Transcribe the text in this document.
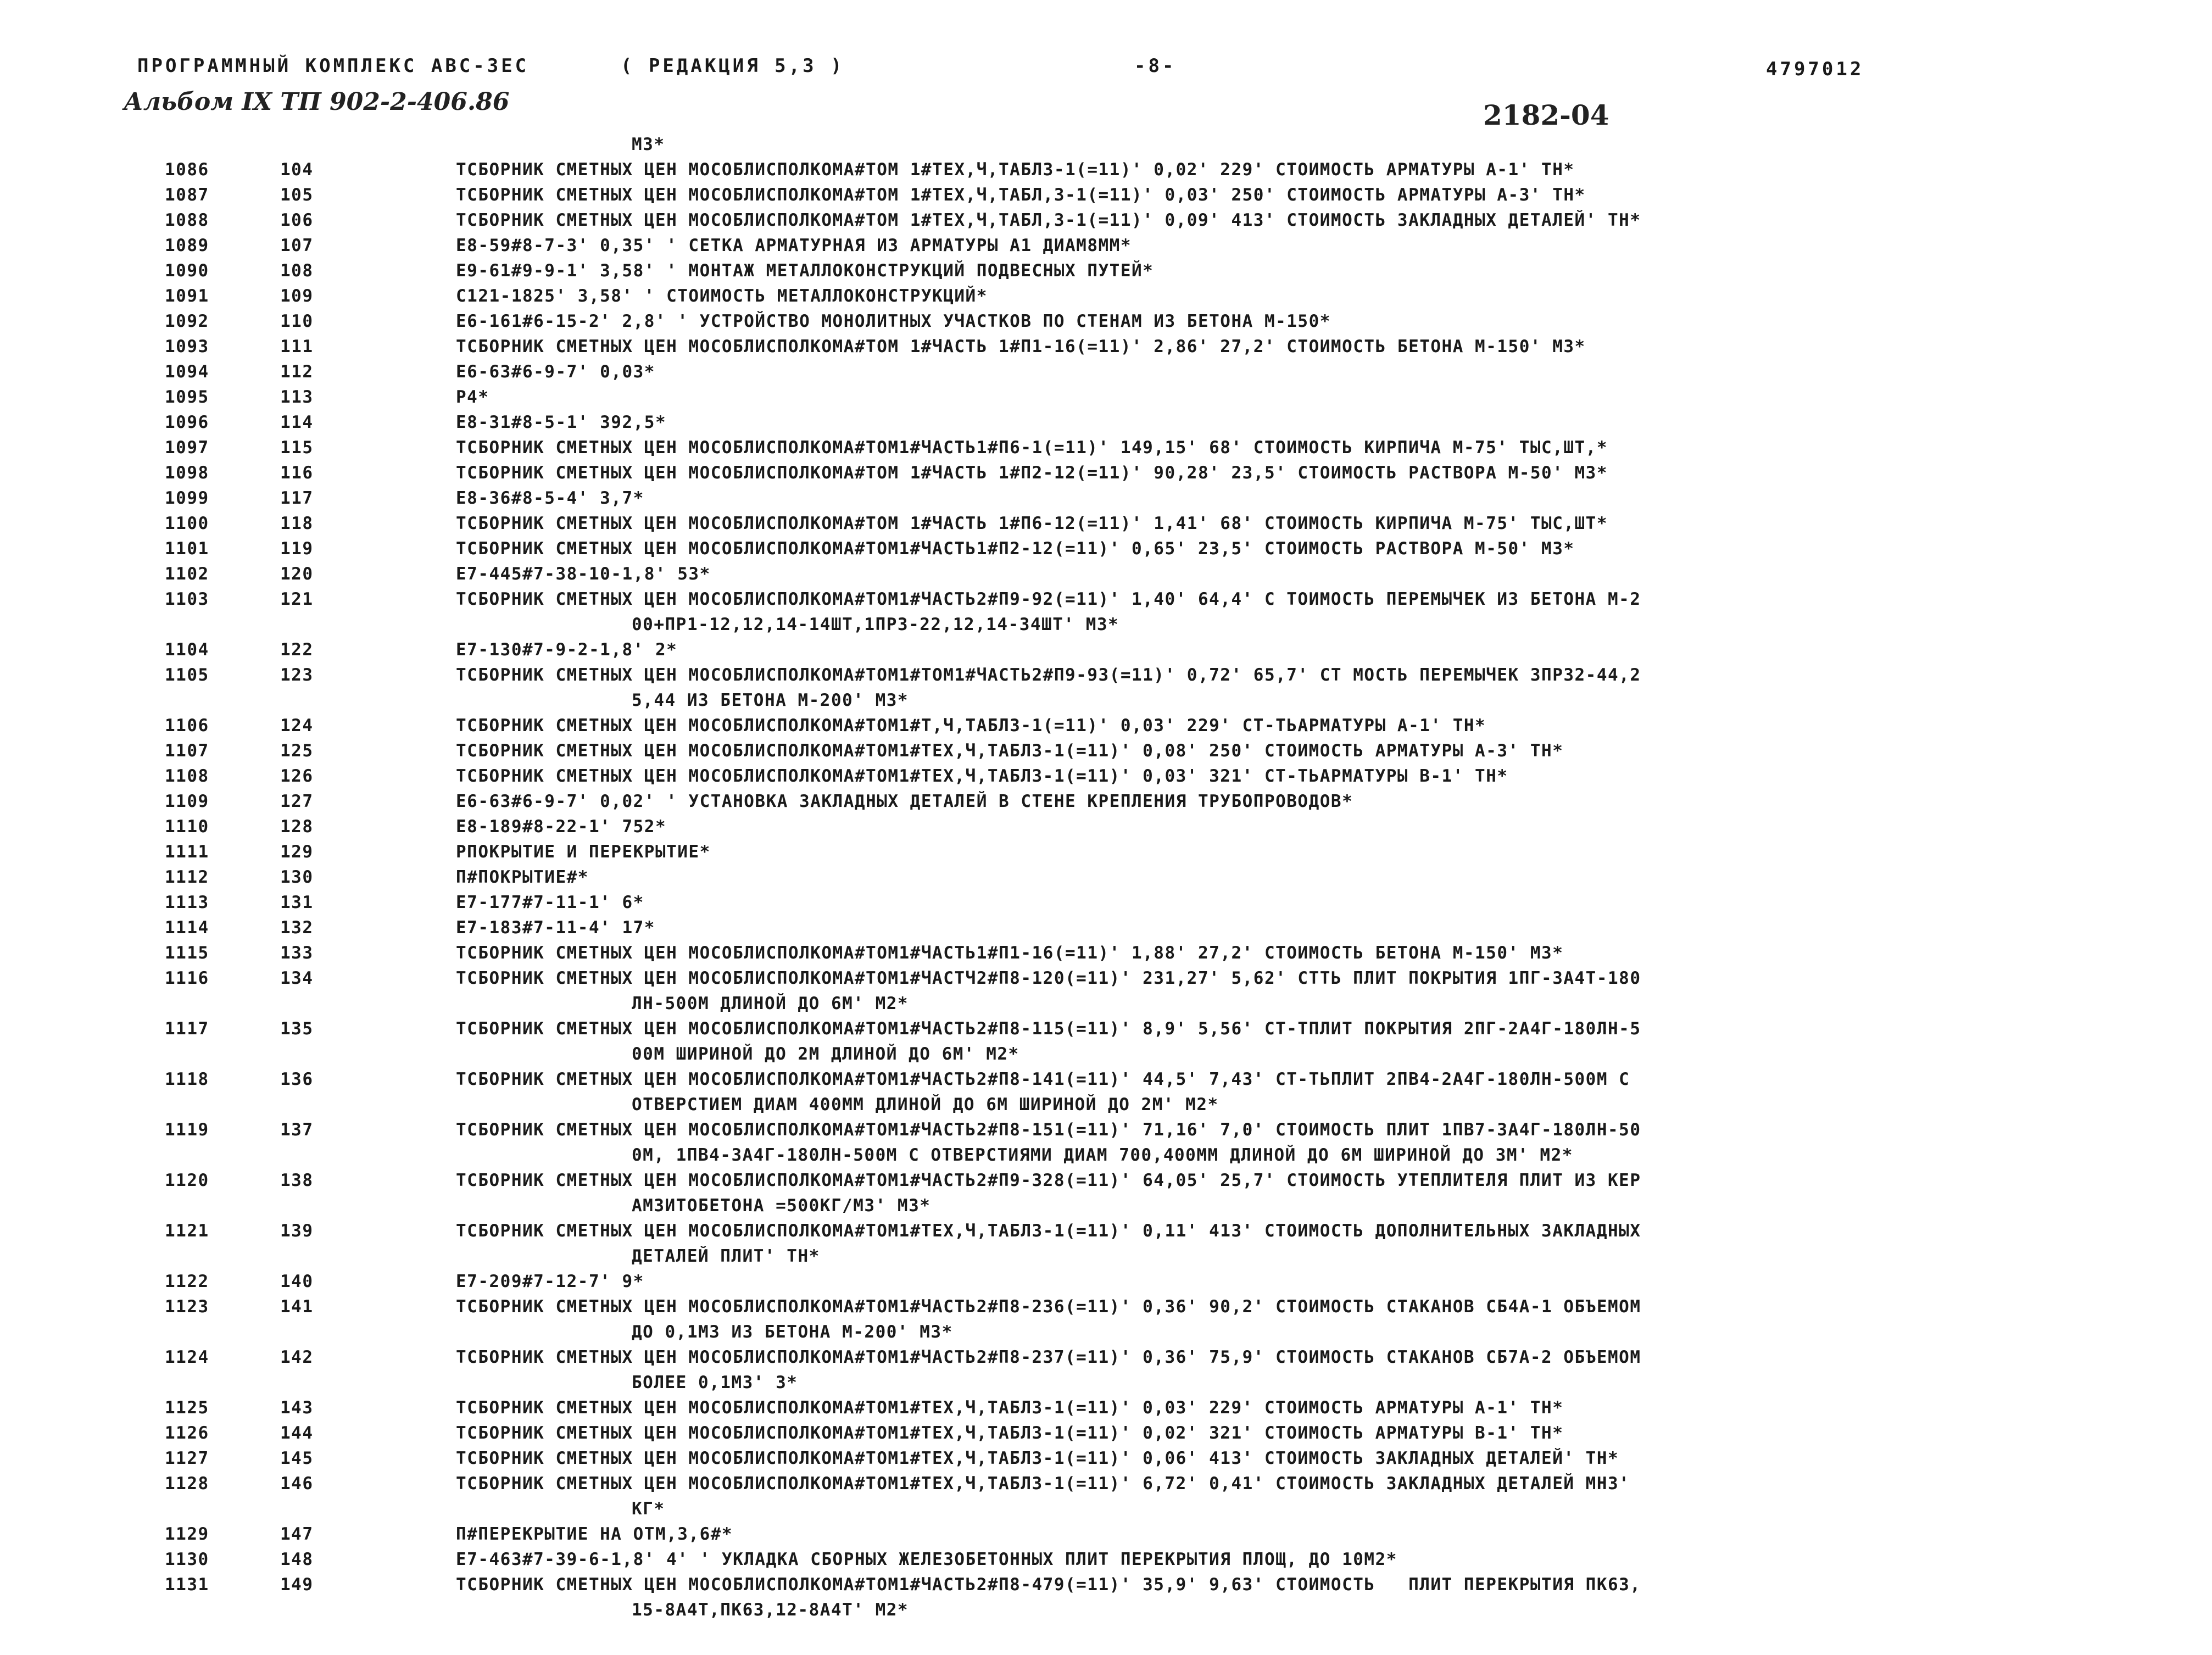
ПРОГРАММНЫЙ КОМПЛЕКС АВС-ЗЕС	( РЕДАКЦИЯ 5,3 )	-8-	4797012
Альбом IX ТП 902-2-406.86	2182-04
М3*
1086	104	ТСБОРНИК СМЕТНЫХ ЦЕН МОСОБЛИСПОЛКОМА#ТОМ 1#ТЕХ,Ч,ТАБЛ3-1(=11)' 0,02' 229' СТОИМОСТЬ АРМАТУРЫ А-1' ТН*
1087	105	ТСБОРНИК СМЕТНЫХ ЦЕН МОСОБЛИСПОЛКОМА#ТОМ 1#ТЕХ,Ч,ТАБЛ,3-1(=11)' 0,03' 250' СТОИМОСТЬ АРМАТУРЫ А-3' ТН*
1088	106	ТСБОРНИК СМЕТНЫХ ЦЕН МОСОБЛИСПОЛКОМА#ТОМ 1#ТЕХ,Ч,ТАБЛ,3-1(=11)' 0,09' 413' СТОИМОСТЬ ЗАКЛАДНЫХ ДЕТАЛЕЙ' ТН*
1089	107	Е8-59#8-7-3' 0,35' ' СЕТКА АРМАТУРНАЯ ИЗ АРМАТУРЫ А1 ДИАМ8ММ*
1090	108	Е9-61#9-9-1' 3,58' ' МОНТАЖ МЕТАЛЛОКОНСТРУКЦИЙ ПОДВЕСНЫХ ПУТЕЙ*
1091	109	С121-1825' 3,58' ' СТОИМОСТЬ МЕТАЛЛОКОНСТРУКЦИЙ*
1092	110	Е6-161#6-15-2' 2,8' ' УСТРОЙСТВО МОНОЛИТНЫХ УЧАСТКОВ ПО СТЕНАМ ИЗ БЕТОНА М-150*
1093	111	ТСБОРНИК СМЕТНЫХ ЦЕН МОСОБЛИСПОЛКОМА#ТОМ 1#ЧАСТЬ 1#П1-16(=11)' 2,86' 27,2' СТОИМОСТЬ БЕТОНА М-150' М3*
1094	112	Е6-63#6-9-7' 0,03*
1095	113	Р4*
1096	114	Е8-31#8-5-1' 392,5*
1097	115	ТСБОРНИК СМЕТНЫХ ЦЕН МОСОБЛИСПОЛКОМА#ТОМ1#ЧАСТЬ1#П6-1(=11)' 149,15' 68' СТОИМОСТЬ КИРПИЧА М-75' ТЫС,ШТ,*
1098	116	ТСБОРНИК СМЕТНЫХ ЦЕН МОСОБЛИСПОЛКОМА#ТОМ 1#ЧАСТЬ 1#П2-12(=11)' 90,28' 23,5' СТОИМОСТЬ РАСТВОРА М-50' М3*
1099	117	Е8-36#8-5-4' 3,7*
1100	118	ТСБОРНИК СМЕТНЫХ ЦЕН МОСОБЛИСПОЛКОМА#ТОМ 1#ЧАСТЬ 1#П6-12(=11)' 1,41' 68' СТОИМОСТЬ КИРПИЧА М-75' ТЫС,ШТ*
1101	119	ТСБОРНИК СМЕТНЫХ ЦЕН МОСОБЛИСПОЛКОМА#ТОМ1#ЧАСТЬ1#П2-12(=11)' 0,65' 23,5' СТОИМОСТЬ РАСТВОРА М-50' М3*
1102	120	Е7-445#7-38-10-1,8' 53*
1103	121	ТСБОРНИК СМЕТНЫХ ЦЕН МОСОБЛИСПОЛКОМА#ТОМ1#ЧАСТЬ2#П9-92(=11)' 1,40' 64,4' С ТОИМОСТЬ ПЕРЕМЫЧЕК ИЗ БЕТОНА М-2
00+ПР1-12,12,14-14ШТ,1ПР3-22,12,14-34ШТ' М3*
1104	122	Е7-130#7-9-2-1,8' 2*
1105	123	ТСБОРНИК СМЕТНЫХ ЦЕН МОСОБЛИСПОЛКОМА#ТОМ1#ТОМ1#ЧАСТЬ2#П9-93(=11)' 0,72' 65,7' СТ МОСТЬ ПЕРЕМЫЧЕК 3ПР32-44,2
5,44 ИЗ БЕТОНА М-200' М3*
1106	124	ТСБОРНИК СМЕТНЫХ ЦЕН МОСОБЛИСПОЛКОМА#ТОМ1#Т,Ч,ТАБЛ3-1(=11)' 0,03' 229' СТ-ТЬАРМАТУРЫ А-1' ТН*
1107	125	ТСБОРНИК СМЕТНЫХ ЦЕН МОСОБЛИСПОЛКОМА#ТОМ1#ТЕХ,Ч,ТАБЛ3-1(=11)' 0,08' 250' СТОИМОСТЬ АРМАТУРЫ А-3' ТН*
1108	126	ТСБОРНИК СМЕТНЫХ ЦЕН МОСОБЛИСПОЛКОМА#ТОМ1#ТЕХ,Ч,ТАБЛ3-1(=11)' 0,03' 321' СТ-ТЬАРМАТУРЫ В-1' ТН*
1109	127	Е6-63#6-9-7' 0,02' ' УСТАНОВКА ЗАКЛАДНЫХ ДЕТАЛЕЙ В СТЕНЕ КРЕПЛЕНИЯ ТРУБОПРОВОДОВ*
1110	128	Е8-189#8-22-1' 752*
1111	129	РПОКРЫТИЕ И ПЕРЕКРЫТИЕ*
1112	130	П#ПОКРЫТИЕ#*
1113	131	Е7-177#7-11-1' 6*
1114	132	Е7-183#7-11-4' 17*
1115	133	ТСБОРНИК СМЕТНЫХ ЦЕН МОСОБЛИСПОЛКОМА#ТОМ1#ЧАСТЬ1#П1-16(=11)' 1,88' 27,2' СТОИМОСТЬ БЕТОНА М-150' М3*
1116	134	ТСБОРНИК СМЕТНЫХ ЦЕН МОСОБЛИСПОЛКОМА#ТОМ1#ЧАСТЧ2#П8-120(=11)' 231,27' 5,62' СТТЬ ПЛИТ ПОКРЫТИЯ 1ПГ-3А4Т-180
ЛН-500М ДЛИНОЙ ДО 6М' М2*
1117	135	ТСБОРНИК СМЕТНЫХ ЦЕН МОСОБЛИСПОЛКОМА#ТОМ1#ЧАСТЬ2#П8-115(=11)' 8,9' 5,56' СТ-ТПЛИТ ПОКРЫТИЯ 2ПГ-2А4Г-180ЛН-5
00М ШИРИНОЙ ДО 2М ДЛИНОЙ ДО 6М' М2*
1118	136	ТСБОРНИК СМЕТНЫХ ЦЕН МОСОБЛИСПОЛКОМА#ТОМ1#ЧАСТЬ2#П8-141(=11)' 44,5' 7,43' СТ-ТЬПЛИТ 2ПВ4-2А4Г-180ЛН-500М С
ОТВЕРСТИЕМ ДИАМ 400ММ ДЛИНОЙ ДО 6М ШИРИНОЙ ДО 2М' М2*
1119	137	ТСБОРНИК СМЕТНЫХ ЦЕН МОСОБЛИСПОЛКОМА#ТОМ1#ЧАСТЬ2#П8-151(=11)' 71,16' 7,0' СТОИМОСТЬ ПЛИТ 1ПВ7-3А4Г-180ЛН-50
0М, 1ПВ4-3А4Г-180ЛН-500М С ОТВЕРСТИЯМИ ДИАМ 700,400ММ ДЛИНОЙ ДО 6М ШИРИНОЙ ДО 3М' М2*
1120	138	ТСБОРНИК СМЕТНЫХ ЦЕН МОСОБЛИСПОЛКОМА#ТОМ1#ЧАСТЬ2#П9-328(=11)' 64,05' 25,7' СТОИМОСТЬ УТЕПЛИТЕЛЯ ПЛИТ ИЗ КЕР
АМЗИТОБЕТОНА =500КГ/М3' М3*
1121	139	ТСБОРНИК СМЕТНЫХ ЦЕН МОСОБЛИСПОЛКОМА#ТОМ1#ТЕХ,Ч,ТАБЛ3-1(=11)' 0,11' 413' СТОИМОСТЬ ДОПОЛНИТЕЛЬНЫХ ЗАКЛАДНЫХ
ДЕТАЛЕЙ ПЛИТ' ТН*
1122	140	Е7-209#7-12-7' 9*
1123	141	ТСБОРНИК СМЕТНЫХ ЦЕН МОСОБЛИСПОЛКОМА#ТОМ1#ЧАСТЬ2#П8-236(=11)' 0,36' 90,2' СТОИМОСТЬ СТАКАНОВ СБ4А-1 ОБЪЕМОМ
ДО 0,1М3 ИЗ БЕТОНА М-200' М3*
1124	142	ТСБОРНИК СМЕТНЫХ ЦЕН МОСОБЛИСПОЛКОМА#ТОМ1#ЧАСТЬ2#П8-237(=11)' 0,36' 75,9' СТОИМОСТЬ СТАКАНОВ СБ7А-2 ОБЪЕМОМ
БОЛЕЕ 0,1М3' 3*
1125	143	ТСБОРНИК СМЕТНЫХ ЦЕН МОСОБЛИСПОЛКОМА#ТОМ1#ТЕХ,Ч,ТАБЛ3-1(=11)' 0,03' 229' СТОИМОСТЬ АРМАТУРЫ А-1' ТН*
1126	144	ТСБОРНИК СМЕТНЫХ ЦЕН МОСОБЛИСПОЛКОМА#ТОМ1#ТЕХ,Ч,ТАБЛ3-1(=11)' 0,02' 321' СТОИМОСТЬ АРМАТУРЫ В-1' ТН*
1127	145	ТСБОРНИК СМЕТНЫХ ЦЕН МОСОБЛИСПОЛКОМА#ТОМ1#ТЕХ,Ч,ТАБЛ3-1(=11)' 0,06' 413' СТОИМОСТЬ ЗАКЛАДНЫХ ДЕТАЛЕЙ' ТН*
1128	146	ТСБОРНИК СМЕТНЫХ ЦЕН МОСОБЛИСПОЛКОМА#ТОМ1#ТЕХ,Ч,ТАБЛ3-1(=11)' 6,72' 0,41' СТОИМОСТЬ ЗАКЛАДНЫХ ДЕТАЛЕЙ МН3'
КГ*
1129	147	П#ПЕРЕКРЫТИЕ НА ОТМ,3,6#*
1130	148	Е7-463#7-39-6-1,8' 4' ' УКЛАДКА СБОРНЫХ ЖЕЛЕЗОБЕТОННЫХ ПЛИТ ПЕРЕКРЫТИЯ ПЛОЩ, ДО 10М2*
1131	149	ТСБОРНИК СМЕТНЫХ ЦЕН МОСОБЛИСПОЛКОМА#ТОМ1#ЧАСТЬ2#П8-479(=11)' 35,9' 9,63' СТОИМОСТЬ   ПЛИТ ПЕРЕКРЫТИЯ ПК63,
15-8А4Т,ПК63,12-8А4Т' М2*
